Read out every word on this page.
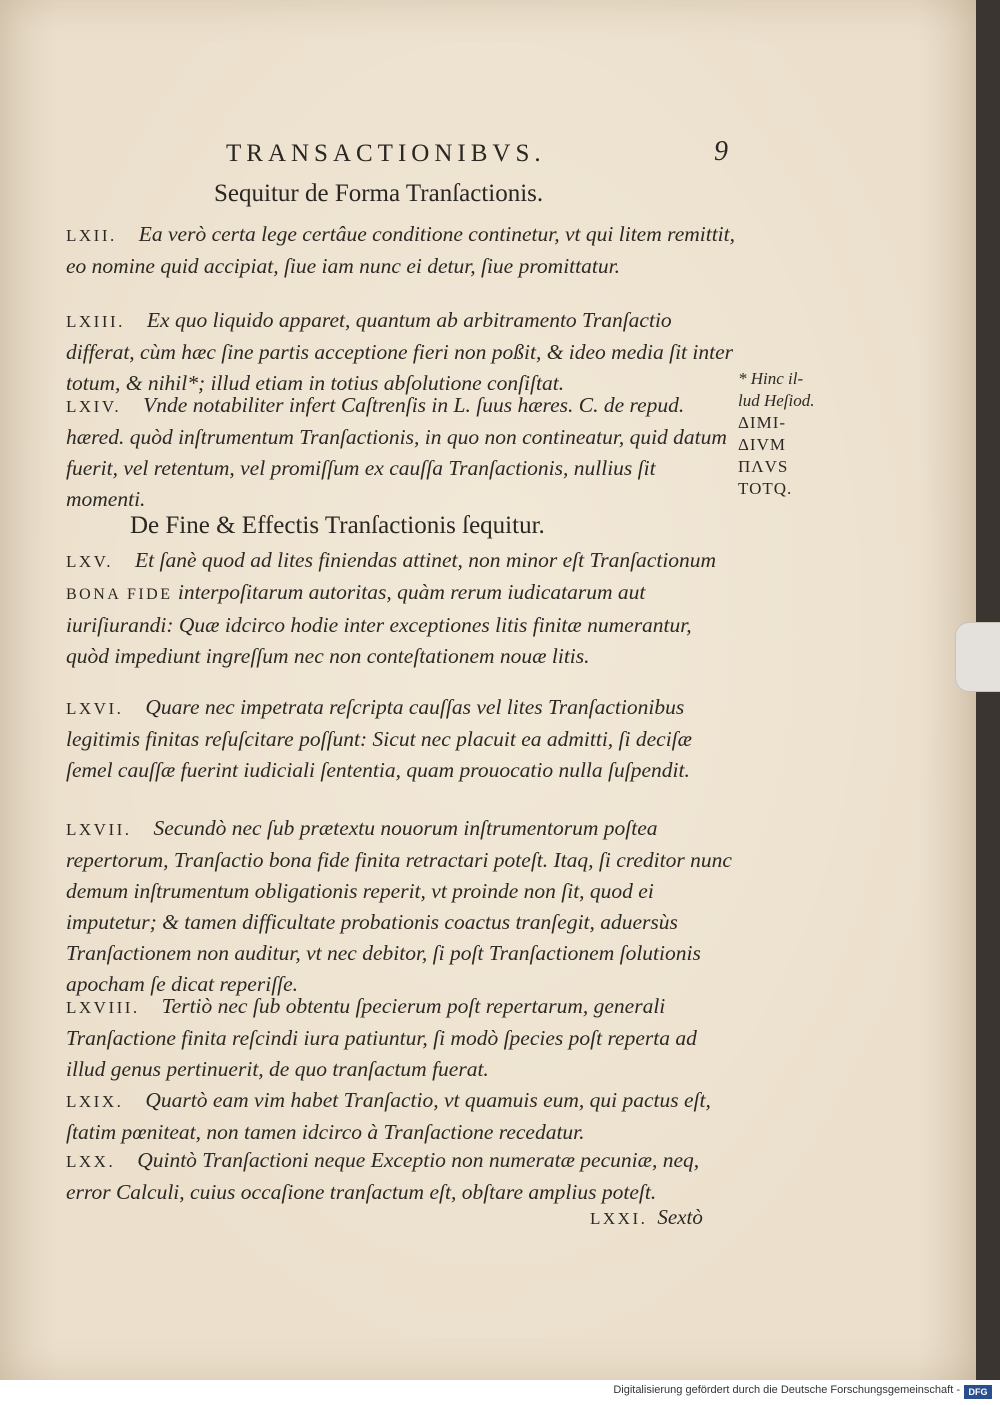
TRANSACTIONIBVS.	9
Sequitur de Forma Tranſactionis.
LXII. Ea verò certa lege certâue conditione continetur, vt qui litem remittit, eo nomine quid accipiat, ſiue iam nunc ei detur, ſiue promittatur.
LXIII. Ex quo liquido apparet, quantum ab arbitramento Tranſactio differat, cùm hæc ſine partis acceptione fieri non poßit, & ideo media ſit inter totum, & nihil*; illud etiam in totius abſolutione conſiſtat.
LXIV. Vnde notabiliter infert Caſtrenſis in L. ſuus hæres. C. de repud. hæred. quòd inſtrumentum Tranſactionis, in quo non contineatur, quid datum fuerit, vel retentum, vel promiſſum ex cauſſa Tranſactionis, nullius ſit momenti.
De Fine & Effectis Tranſactionis ſequitur.
LXV. Et ſanè quod ad lites finiendas attinet, non minor eſt Tranſactionum BONA FIDE interpoſitarum autoritas, quàm rerum iudicatarum aut iuriſiurandi: Quæ idcirco hodie inter exceptiones litis finitæ numerantur, quòd impediunt ingreſſum nec non conteſtationem nouæ litis.
LXVI. Quare nec impetrata reſcripta cauſſas vel lites Tranſactionibus legitimis finitas reſuſcitare poſſunt: Sicut nec placuit ea admitti, ſi deciſæ ſemel cauſſæ fuerint iudiciali ſententia, quam prouocatio nulla ſuſpendit.
LXVII. Secundò nec ſub prætextu nouorum inſtrumentorum poſtea repertorum, Tranſactio bona fide finita retractari poteſt. Itaq, ſi creditor nunc demum inſtrumentum obligationis reperit, vt proinde non ſit, quod ei imputetur; & tamen difficultate probationis coactus tranſegit, aduersùs Tranſactionem non auditur, vt nec debitor, ſi poſt Tranſactionem ſolutionis apocham ſe dicat reperiſſe.
LXVIII. Tertiò nec ſub obtentu ſpecierum poſt repertarum, generali Tranſactione finita reſcindi iura patiuntur, ſi modò ſpecies poſt reperta ad illud genus pertinuerit, de quo tranſactum fuerat.
LXIX. Quartò eam vim habet Tranſactio, vt quamuis eum, qui pactus eſt, ſtatim pœniteat, non tamen idcirco à Tranſactione recedatur.
LXX. Quintò Tranſactioni neque Exceptio non numeratæ pecuniæ, neq, error Calculi, cuius occaſione tranſactum eſt, obſtare amplius poteſt.
LXXI. Sextò
* Hinc il-
lud Heſiod.
ΔΙΜΙ-
ΔΙVM
ΠΛVS
TOTQ.
Digitalisierung gefördert durch die Deutsche Forschungsgemeinschaft - DFG
